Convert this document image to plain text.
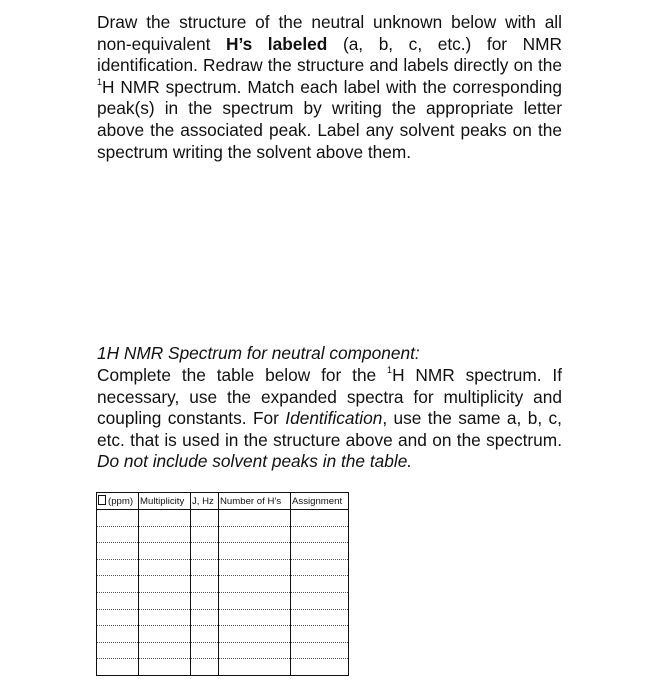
Draw the structure of the neutral unknown below with all non-equivalent H’s labeled (a, b, c, etc.) for NMR identification. Redraw the structure and labels directly on the $^1$H NMR spectrum. Match each label with the corresponding peak(s) in the spectrum by writing the appropriate letter above the associated peak. Label any solvent peaks on the spectrum writing the solvent above them.

1H NMR Spectrum for neutral component:

Complete the table below for the $^1$H NMR spectrum. If necessary, use the expanded spectra for multiplicity and coupling constants. For Identification, use the same a, b, c, etc. that is used in the structure above and on the spectrum. Do not include solvent peaks in the table.

(ppm)	Multiplicity	J, Hz	Number of H’s	Assignment
